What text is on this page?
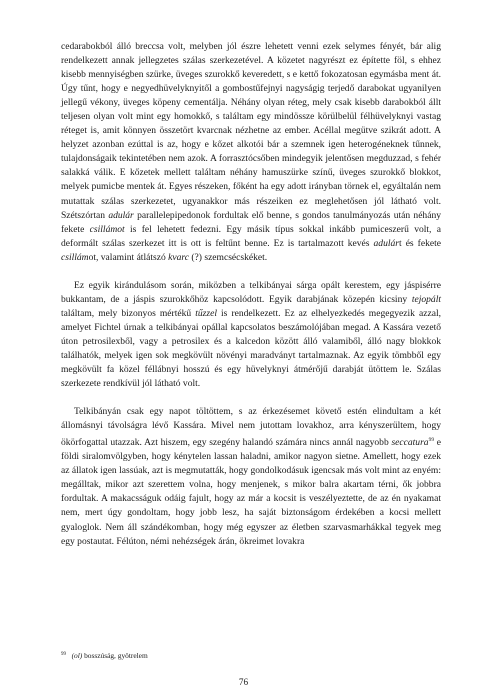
cedarabokból álló breccsa volt, melyben jól észre lehetett venni ezek selymes fényét, bár alig rendelkezett annak jellegzetes szálas szerkezetével. A közetet nagyrészt ez építette föl, s ehhez kisebb mennyiségben szürke, üveges szurokkő keveredett, s e kettő fokozatosan egymásba ment át. Úgy tűnt, hogy e negyedhüvelyknyitől a gombostűfejnyi nagyságig terjedő darabokat ugyanilyen jellegű vékony, üveges köpeny cementálja. Néhány olyan réteg, mely csak kisebb darabokból állt teljesen olyan volt mint egy homokkő, s találtam egy mindössze körülbelül félhüvelyknyi vastag réteget is, amit könnyen összetört kvarcnak nézhetne az ember. Acéllal megütve szikrát adott. A helyzet azonban ezúttal is az, hogy e kőzet alkotói bár a szemnek igen heterogéneknek tűnnek, tulajdonságaik tekintetében nem azok. A forrasztócsőben mindegyik jelentősen megduzzad, s fehér salakká válik. E kőzetek mellett találtam néhány hamuszürke színű, üveges szurokkő blokkot, melyek pumicbe mentek át. Egyes részeken, főként ha egy adott irányban törnek el, egyáltalán nem mutattak szálas szerkezetet, ugyanakkor más részeiken ez meglehetősen jól látható volt. Szétszórtan adulár parallelepipedonok fordultak elő benne, s gondos tanulmányozás után néhány fekete csillámot is fel lehetett fedezni. Egy másik típus sokkal inkább pumiceszerű volt, a deformált szálas szerkezet itt is ott is feltűnt benne. Ez is tartalmazott kevés adulárt és fekete csillámot, valamint átlátszó kvarc (?) szemcsécskéket.

Ez egyik kirándulásom során, miközben a telkibányai sárga opált kerestem, egy jáspisérre bukkantam, de a jáspis szurokkőhöz kapcsolódott. Egyik darabjának közepén kicsiny tejopált találtam, mely bizonyos mértékű tűzzel is rendelkezett. Ez az elhelyezkedés megegyezik azzal, amelyet Fichtel úrnak a telkibányai opállal kapcsolatos beszámolójában megad. A Kassára vezető úton petrosilexből, vagy a petrosilex és a kalcedon között álló valamiből, álló nagy blokkok találhatók, melyek igen sok megkövült növényi maradványt tartalmaznak. Az egyik tömbből egy megkövült fa közel féllábnyi hosszú és egy hüvelyknyi átmérőjű darabját ütöttem le. Szálas szerkezete rendkívül jól látható volt.

Telkibányán csak egy napot töltöttem, s az érkezésemet követő estén elindultam a két állomásnyi távolságra lévő Kassára. Mivel nem jutottam lovakhoz, arra kényszerültem, hogy ökörfogattal utazzak. Azt hiszem, egy szegény halandó számára nincs annál nagyobb seccatura$^{99}$ e földi siralomvölgyben, hogy kénytelen lassan haladni, amikor nagyon sietne. Amellett, hogy ezek az állatok igen lassúak, azt is megmutatták, hogy gondolkodásuk igencsak más volt mint az enyém: megálltak, mikor azt szerettem volna, hogy menjenek, s mikor balra akartam térni, ők jobbra fordultak. A makacsságuk odáig fajult, hogy az már a kocsit is veszélyeztette, de az én nyakamat nem, mert úgy gondoltam, hogy jobb lesz, ha saját biztonságom érdekében a kocsi mellett gyaloglok. Nem áll szándékomban, hogy még egyszer az életben szarvasmarhákkal tegyek meg egy postautat. Félúton, némi nehézségek árán, ökreimet lovakra

$^{99}$ (ol) bosszúság, gyötrelem
76
